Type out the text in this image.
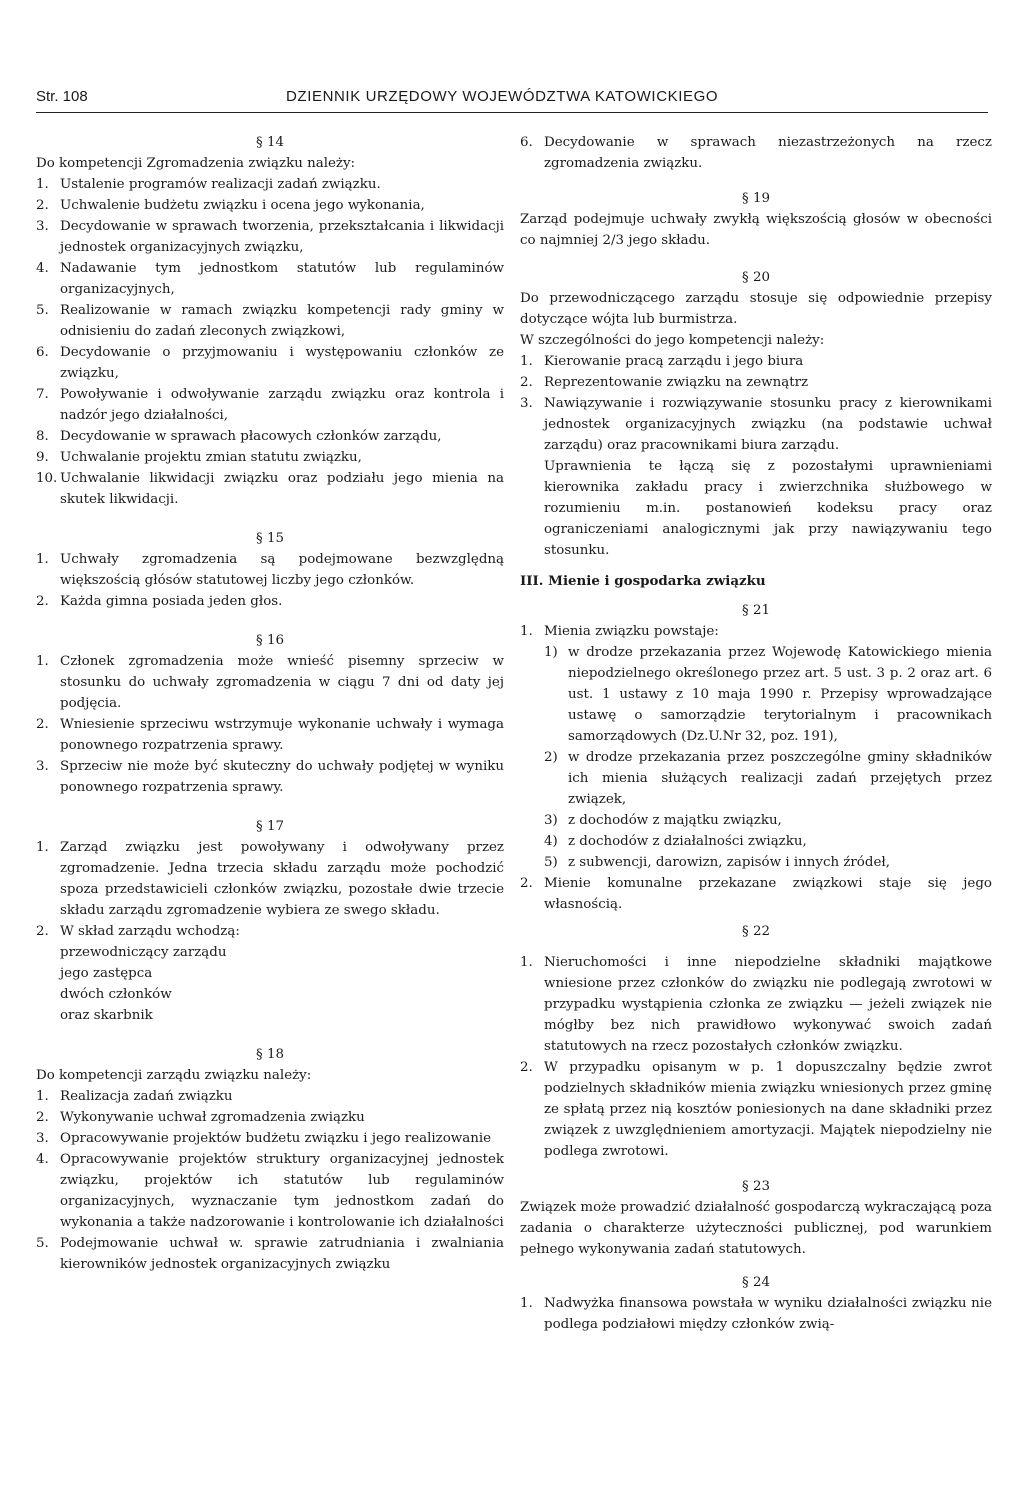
Str. 108	DZIENNIK URZĘDOWY WOJEWÓDZTWA KATOWICKIEGO

§ 14

Do kompetencji Zgromadzenia związku należy:

1. Ustalenie programów realizacji zadań związku.

2. Uchwalenie budżetu związku i ocena jego wykonania,

3. Decydowanie w sprawach tworzenia, przekształcania i likwidacji jednostek organizacyjnych związku,

4. Nadawanie tym jednostkom statutów lub regulaminów organizacyjnych,

5. Realizowanie w ramach związku kompetencji rady gminy w odnisieniu do zadań zleconych związkowi,

6. Decydowanie o przyjmowaniu i występowaniu członków ze związku,

7. Powoływanie i odwoływanie zarządu związku oraz kontrola i nadzór jego działalności,

8. Decydowanie w sprawach płacowych członków zarządu,

9. Uchwalanie projektu zmian statutu związku,

10. Uchwalanie likwidacji związku oraz podziału jego mienia na skutek likwidacji.

§ 15

1. Uchwały zgromadzenia są podejmowane bezwzględną większością głósów statutowej liczby jego członków.

2. Każda gimna posiada jeden głos.

§ 16

1. Członek zgromadzenia może wnieść pisemny sprzeciw w stosunku do uchwały zgromadzenia w ciągu 7 dni od daty jej podjęcia.

2. Wniesienie sprzeciwu wstrzymuje wykonanie uchwały i wymaga ponownego rozpatrzenia sprawy.

3. Sprzeciw nie może być skuteczny do uchwały podjętej w wyniku ponownego rozpatrzenia sprawy.

§ 17

1. Zarząd związku jest powoływany i odwoływany przez zgromadzenie. Jedna trzecia składu zarządu może pochodzić spoza przedstawicieli członków związku, pozostałe dwie trzecie składu zarządu zgromadzenie wybiera ze swego składu.

2. W skład zarządu wchodzą:

przewodniczący zarządu

jego zastępca

dwóch członków

oraz skarbnik

§ 18

Do kompetencji zarządu związku należy:

1. Realizacja zadań związku

2. Wykonywanie uchwał zgromadzenia związku

3. Opracowywanie projektów budżetu związku i jego realizowanie

4. Opracowywanie projektów struktury organizacyjnej jednostek związku, projektów ich statutów lub regulaminów organizacyjnych, wyznaczanie tym jednostkom zadań do wykonania a także nadzorowanie i kontrolowanie ich działalności

5. Podejmowanie uchwał w. sprawie zatrudniania i zwalniania kierowników jednostek organizacyjnych związku

6. Decydowanie w sprawach niezastrzeżonych na rzecz zgromadzenia związku.

§ 19

Zarząd podejmuje uchwały zwykłą większością głosów w obecności co najmniej 2/3 jego składu.

§ 20

Do przewodniczącego zarządu stosuje się odpowiednie przepisy dotyczące wójta lub burmistrza.

W szczególności do jego kompetencji należy:

1. Kierowanie pracą zarządu i jego biura

2. Reprezentowanie związku na zewnątrz

3. Nawiązywanie i rozwiązywanie stosunku pracy z kierownikami jednostek organizacyjnych związku (na podstawie uchwał zarządu) oraz pracownikami biura zarządu.

Uprawnienia te łączą się z pozostałymi uprawnieniami kierownika zakładu pracy i zwierzchnika służbowego w rozumieniu m.in. postanowień kodeksu pracy oraz ograniczeniami analogicznymi jak przy nawiązywaniu tego stosunku.

III. Mienie i gospodarka związku

§ 21

1. Mienia związku powstaje:

1) w drodze przekazania przez Wojewodę Katowickiego mienia niepodzielnego określonego przez art. 5 ust. 3 p. 2 oraz art. 6 ust. 1 ustawy z 10 maja 1990 r. Przepisy wprowadzające ustawę o samorządzie terytorialnym i pracownikach samorządowych (Dz.U.Nr 32, poz. 191),

2) w drodze przekazania przez poszczególne gminy składników ich mienia służących realizacji zadań przejętych przez związek,

3) z dochodów z majątku związku,

4) z dochodów z działalności związku,

5) z subwencji, darowizn, zapisów i innych źródeł,

2. Mienie komunalne przekazane związkowi staje się jego własnością.

§ 22

1. Nieruchomości i inne niepodzielne składniki majątkowe wniesione przez członków do związku nie podlegają zwrotowi w przypadku wystąpienia członka ze związku — jeżeli związek nie mógłby bez nich prawidłowo wykonywać swoich zadań statutowych na rzecz pozostałych członków związku.

2. W przypadku opisanym w p. 1 dopuszczalny będzie zwrot podzielnych składników mienia związku wniesionych przez gminę ze spłatą przez nią kosztów poniesionych na dane składniki przez związek z uwzględnieniem amortyzacji. Majątek niepodzielny nie podlega zwrotowi.

§ 23

Związek może prowadzić działalność gospodarczą wykraczającą poza zadania o charakterze użyteczności publicznej, pod warunkiem pełnego wykonywania zadań statutowych.

§ 24

1. Nadwyżka finansowa powstała w wyniku działalności związku nie podlega podziałowi między członków zwią-
